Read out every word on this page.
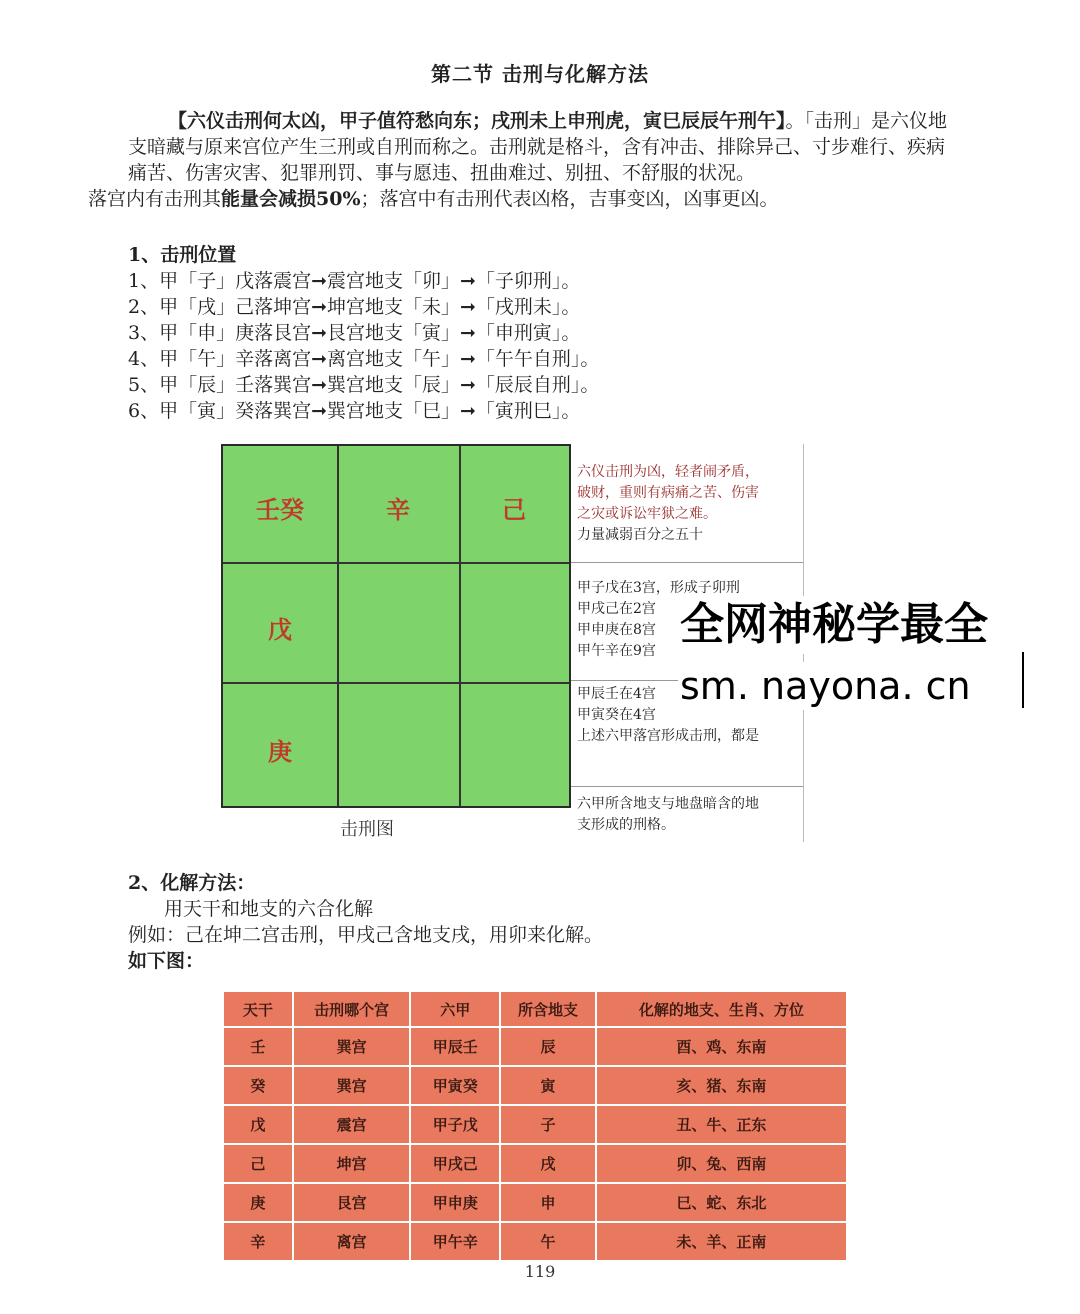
第二节 击刑与化解方法
【六仪击刑何太凶，甲子值符愁向东；戌刑未上申刑虎，寅巳辰辰午刑午】。「击刑」是六仪地支暗藏与原来宫位产生三刑或自刑而称之。击刑就是格斗，含有冲击、排除异己、寸步难行、疾病痛苦、伤害灾害、犯罪刑罚、事与愿违、扭曲难过、别扭、不舒服的状况。
落宫内有击刑其能量会减损50%；落宫中有击刑代表凶格，吉事变凶，凶事更凶。
1、击刑位置
1、甲「子」戊落震宫➞震宫地支「卯」➞「子卯刑」。
2、甲「戌」己落坤宫➞坤宫地支「未」➞「戌刑未」。
3、甲「申」庚落艮宫➞艮宫地支「寅」➞「申刑寅」。
4、甲「午」辛落离宫➞离宫地支「午」➞「午午自刑」。
5、甲「辰」壬落巽宫➞巽宫地支「辰」➞「辰辰自刑」。
6、甲「寅」癸落巽宫➞巽宫地支「巳」➞「寅刑巳」。
壬癸	辛	己
戊
庚
击刑图
六仪击刑为凶，轻者闹矛盾，
破财，重则有病痛之苦、伤害
之灾或诉讼牢狱之难。
力量减弱百分之五十
甲子戊在3宫，形成子卯刑
甲戌己在2宫
甲申庚在8宫
甲午辛在9宫
甲辰壬在4宫
甲寅癸在4宫
上述六甲落宫形成击刑，都是
六甲所含地支与地盘暗含的地
支形成的刑格。
全网神秘学最全
sm. nayona. cn
2、化解方法：
用天干和地支的六合化解
例如：己在坤二宫击刑，甲戌己含地支戌，用卯来化解。
如下图：
天干	击刑哪个宫	六甲	所含地支	化解的地支、生肖、方位
壬	巽宫	甲辰壬	辰	酉、鸡、东南
癸	巽宫	甲寅癸	寅	亥、猪、东南
戊	震宫	甲子戊	子	丑、牛、正东
己	坤宫	甲戌己	戌	卯、兔、西南
庚	艮宫	甲申庚	申	巳、蛇、东北
辛	离宫	甲午辛	午	未、羊、正南
119
